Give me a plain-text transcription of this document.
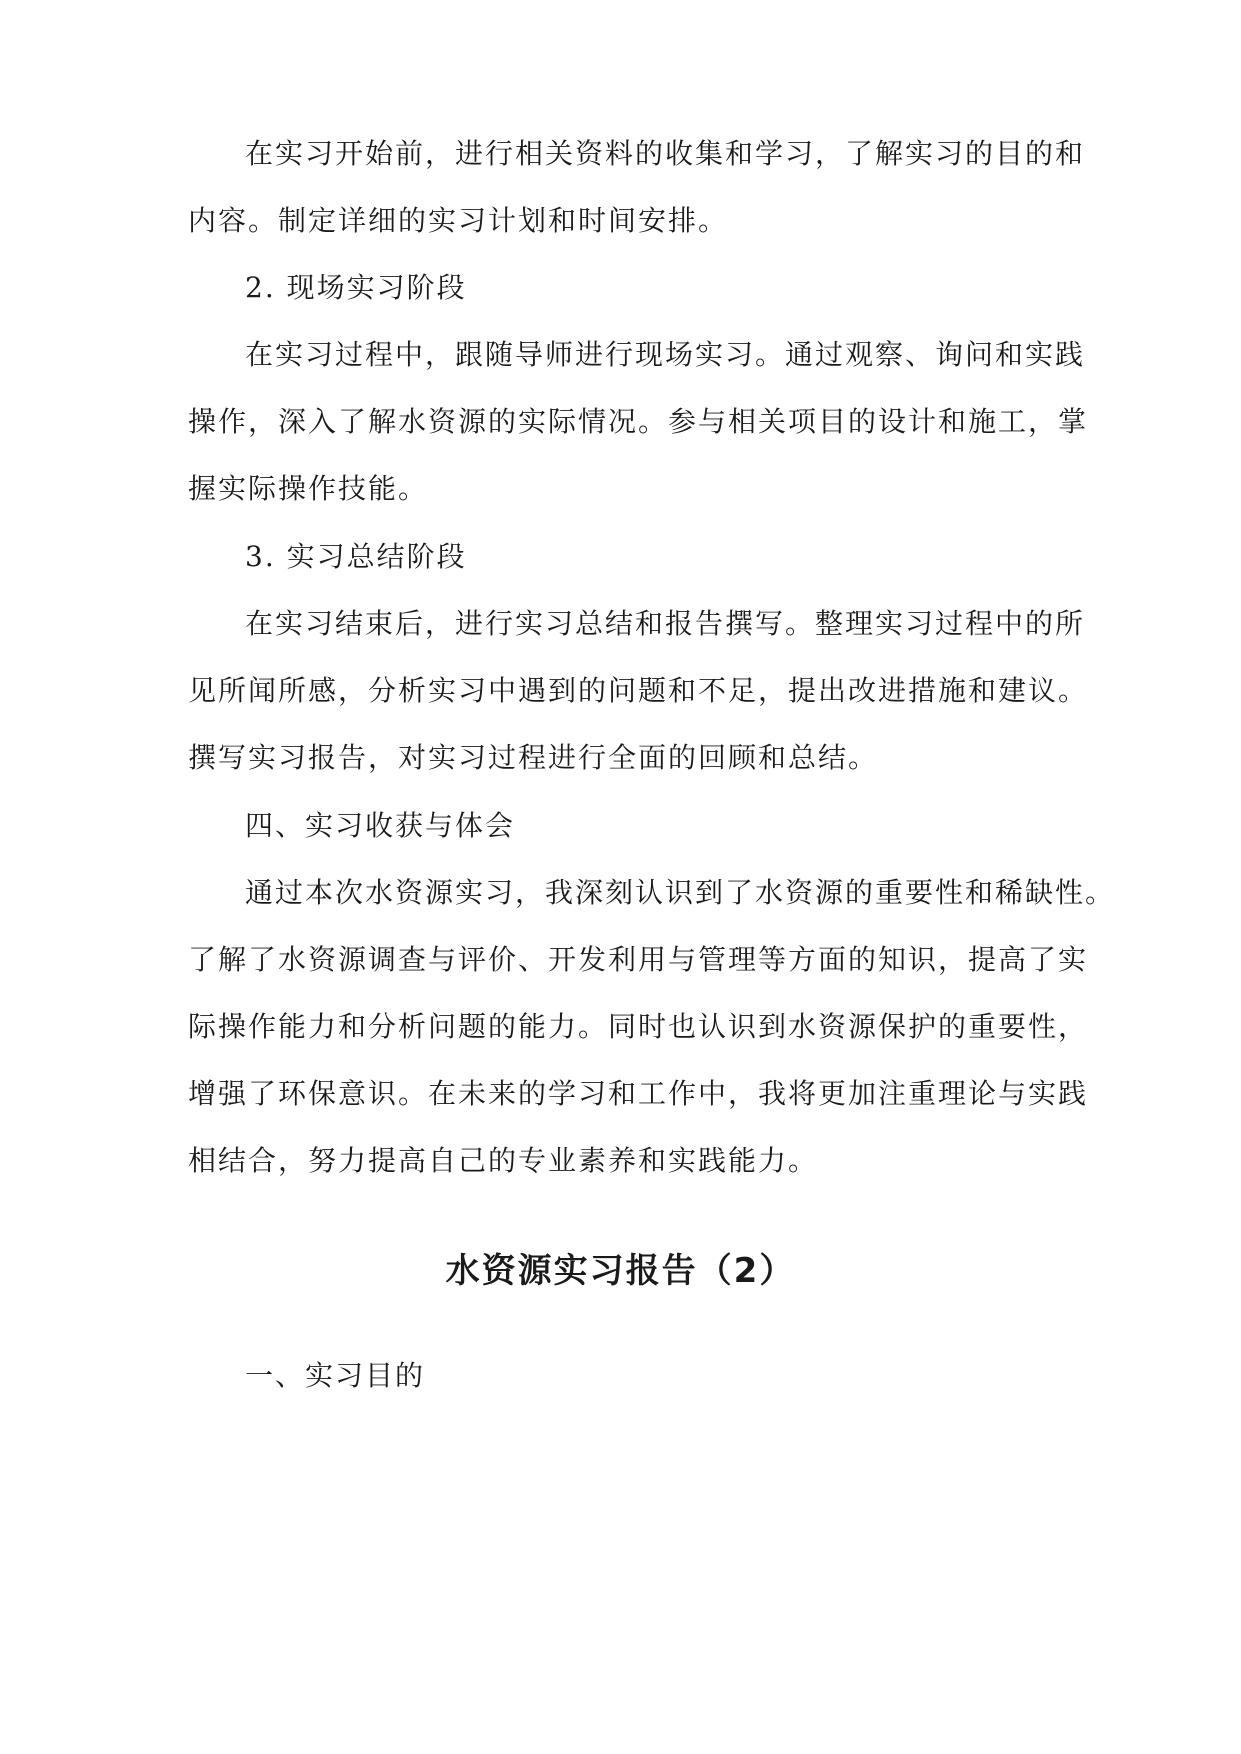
在实习开始前，进行相关资料的收集和学习，了解实习的目的和
内容。制定详细的实习计划和时间安排。
2. 现场实习阶段
在实习过程中，跟随导师进行现场实习。通过观察、询问和实践
操作，深入了解水资源的实际情况。参与相关项目的设计和施工，掌
握实际操作技能。
3. 实习总结阶段
在实习结束后，进行实习总结和报告撰写。整理实习过程中的所
见所闻所感，分析实习中遇到的问题和不足，提出改进措施和建议。
撰写实习报告，对实习过程进行全面的回顾和总结。
四、实习收获与体会
通过本次水资源实习，我深刻认识到了水资源的重要性和稀缺性。
了解了水资源调查与评价、开发利用与管理等方面的知识，提高了实
际操作能力和分析问题的能力。同时也认识到水资源保护的重要性，
增强了环保意识。在未来的学习和工作中，我将更加注重理论与实践
相结合，努力提高自己的专业素养和实践能力。
水资源实习报告（2）
一、实习目的
